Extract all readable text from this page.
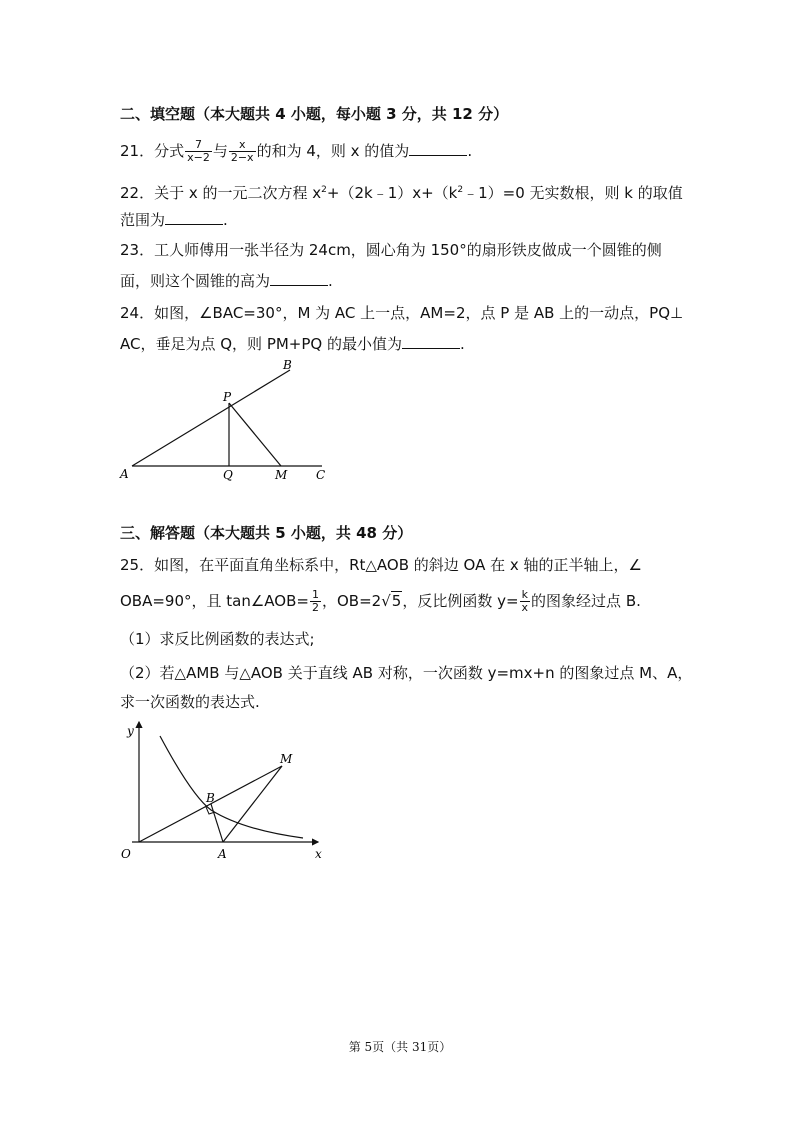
二、填空题（本大题共 4 小题，每小题 3 分，共 12 分）
21．分式 $\frac{7}{x-2}$ 与 $\frac{x}{2-x}$ 的和为 4，则 x 的值为	.
22．关于 x 的一元二次方程 $x^2+(2k﹣1)x+(k^2﹣1)=0$ 无实数根，则 k 的取值
范围为	.
23．工人师傅用一张半径为 24cm，圆心角为 150°的扇形铁皮做成一个圆锥的侧
面，则这个圆锥的高为	.
24．如图，∠BAC=30°，M 为 AC 上一点，AM=2，点 P 是 AB 上的一动点，PQ⊥
AC，垂足为点 Q，则 PM+PQ 的最小值为	.
A
B
P
Q	M C
三、解答题（本大题共 5 小题，共 48 分）
25．如图，在平面直角坐标系中，Rt△AOB 的斜边 OA 在 x 轴的正半轴上，∠
OBA=90°，且 tan∠AOB= $\frac{1}{2}$ ，OB=2√5，反比例函数 $y= \frac{k}{x}$ 的图象经过点 B.
（1）求反比例函数的表达式;
（2）若△AMB 与△AOB 关于直线 AB 对称，一次函数 y=mx+n 的图象过点 M、A，
求一次函数的表达式.
y
x
O	A
B
M
第 5页（共 31页）
